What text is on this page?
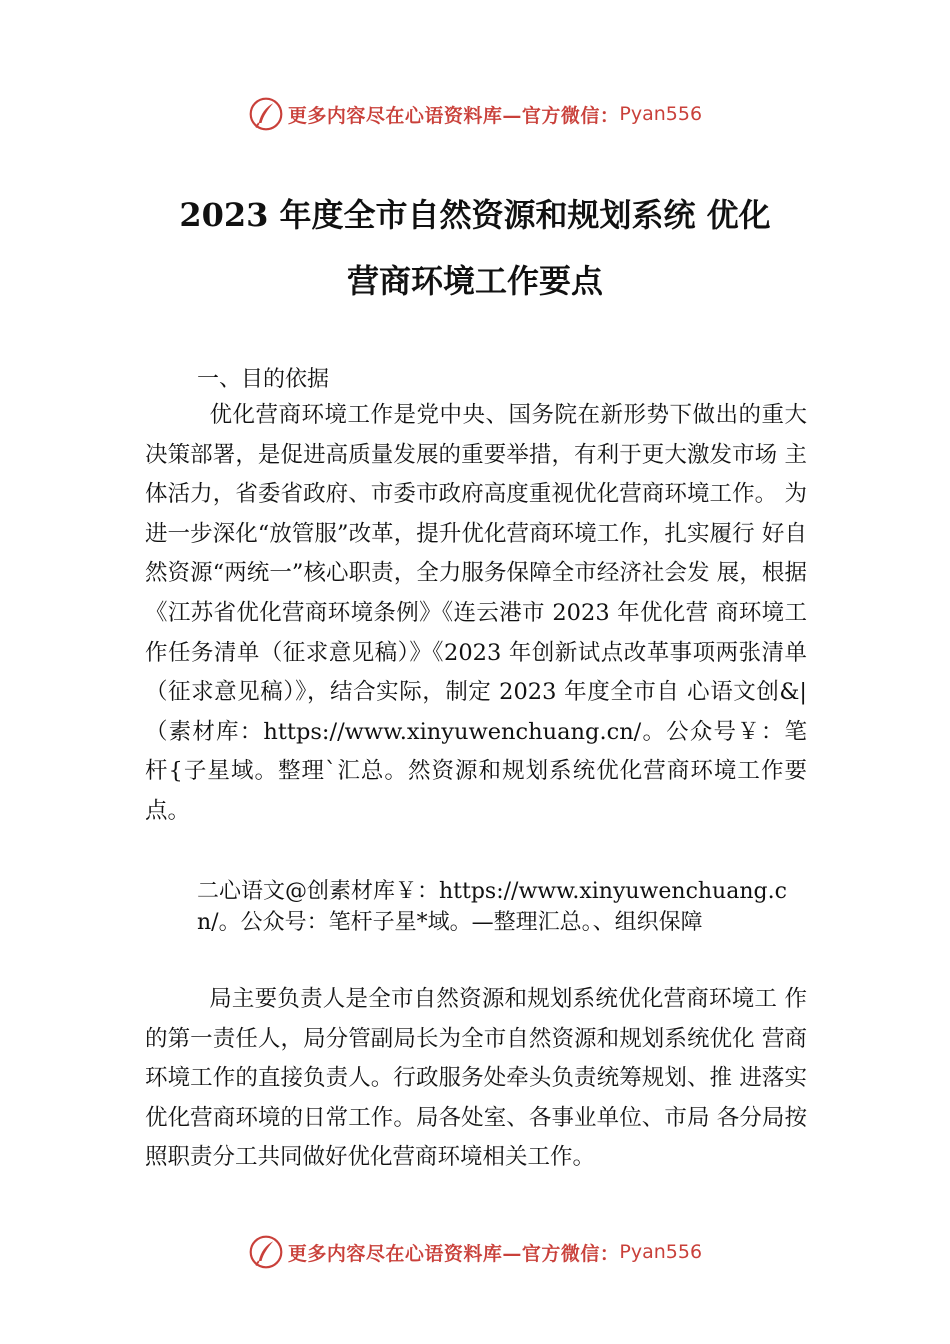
更多内容尽在心语资料库—官方微信： Pyan556
2023 年度全市自然资源和规划系统 优化
营商环境工作要点
一、目的依据

优化营商环境工作是党中央、国务院在新形势下做出的重大 决策部署，是促进高质量发展的重要举措，有利于更大激发市场 主体活力，省委省政府、市委市政府高度重视优化营商环境工作。 为进一步深化“放管服”改革，提升优化营商环境工作，扎实履行 好自然资源“两统一”核心职责，全力服务保障全市经济社会发 展，根据《江苏省优化营商环境条例》《连云港市 2023 年优化营 商环境工作任务清单（征求意见稿）》《2023 年创新试点改革事项两张清单（征求意见稿）》，结合实际，制定 2023 年度全市自 心语文创&|（素材库：https://www.xinyuwenchuang.cn/。公众号￥：笔杆{子星域。整理`汇总。然资源和规划系统优化营商环境工作要点。

二心语文@创素材库￥：https://www.xinyuwenchuang.cn/。公众号：笔杆子星*域。—整理汇总。、组织保障

局主要负责人是全市自然资源和规划系统优化营商环境工 作的第一责任人，局分管副局长为全市自然资源和规划系统优化 营商环境工作的直接负责人。行政服务处牵头负责统筹规划、推 进落实优化营商环境的日常工作。局各处室、各事业单位、市局 各分局按照职责分工共同做好优化营商环境相关工作。

更多内容尽在心语资料库—官方微信： Pyan556
